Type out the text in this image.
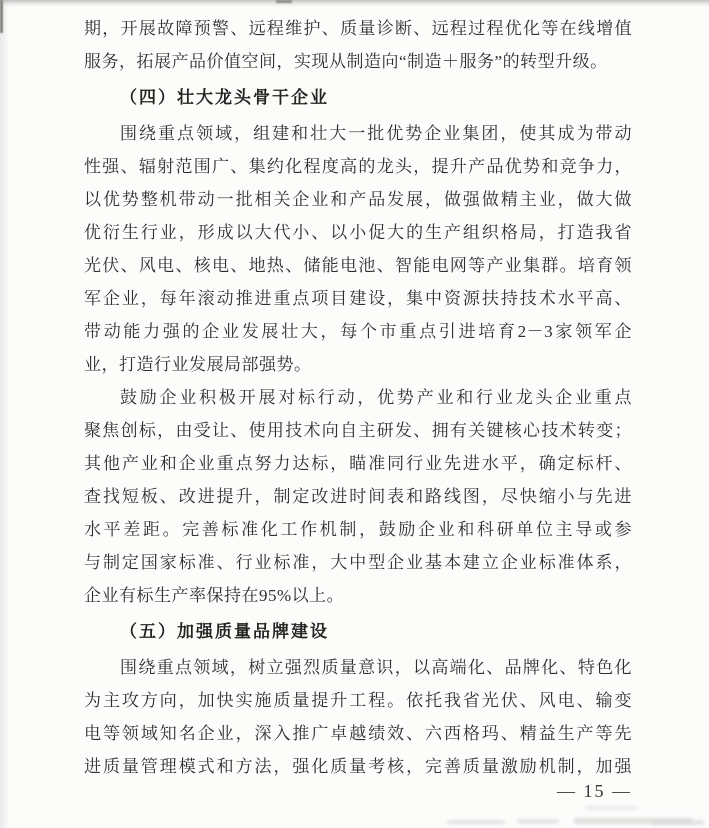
期，开展故障预警、远程维护、质量诊断、远程过程优化等在线增值
服务，拓展产品价值空间，实现从制造向“制造＋服务”的转型升级。
（四）壮大龙头骨干企业
围绕重点领域，组建和壮大一批优势企业集团，使其成为带动
性强、辐射范围广、集约化程度高的龙头，提升产品优势和竞争力，
以优势整机带动一批相关企业和产品发展，做强做精主业，做大做
优衍生行业，形成以大代小、以小促大的生产组织格局，打造我省
光伏、风电、核电、地热、储能电池、智能电网等产业集群。培育领
军企业，每年滚动推进重点项目建设，集中资源扶持技术水平高、
带动能力强的企业发展壮大，每个市重点引进培育2－3家领军企
业，打造行业发展局部强势。
鼓励企业积极开展对标行动，优势产业和行业龙头企业重点
聚焦创标，由受让、使用技术向自主研发、拥有关键核心技术转变；
其他产业和企业重点努力达标，瞄准同行业先进水平，确定标杆、
查找短板、改进提升，制定改进时间表和路线图，尽快缩小与先进
水平差距。完善标准化工作机制，鼓励企业和科研单位主导或参
与制定国家标准、行业标准，大中型企业基本建立企业标准体系，
企业有标生产率保持在95%以上。
（五）加强质量品牌建设
围绕重点领域，树立强烈质量意识，以高端化、品牌化、特色化
为主攻方向，加快实施质量提升工程。依托我省光伏、风电、输变
电等领域知名企业，深入推广卓越绩效、六西格玛、精益生产等先
进质量管理模式和方法，强化质量考核，完善质量激励机制，加强
— 15 —
